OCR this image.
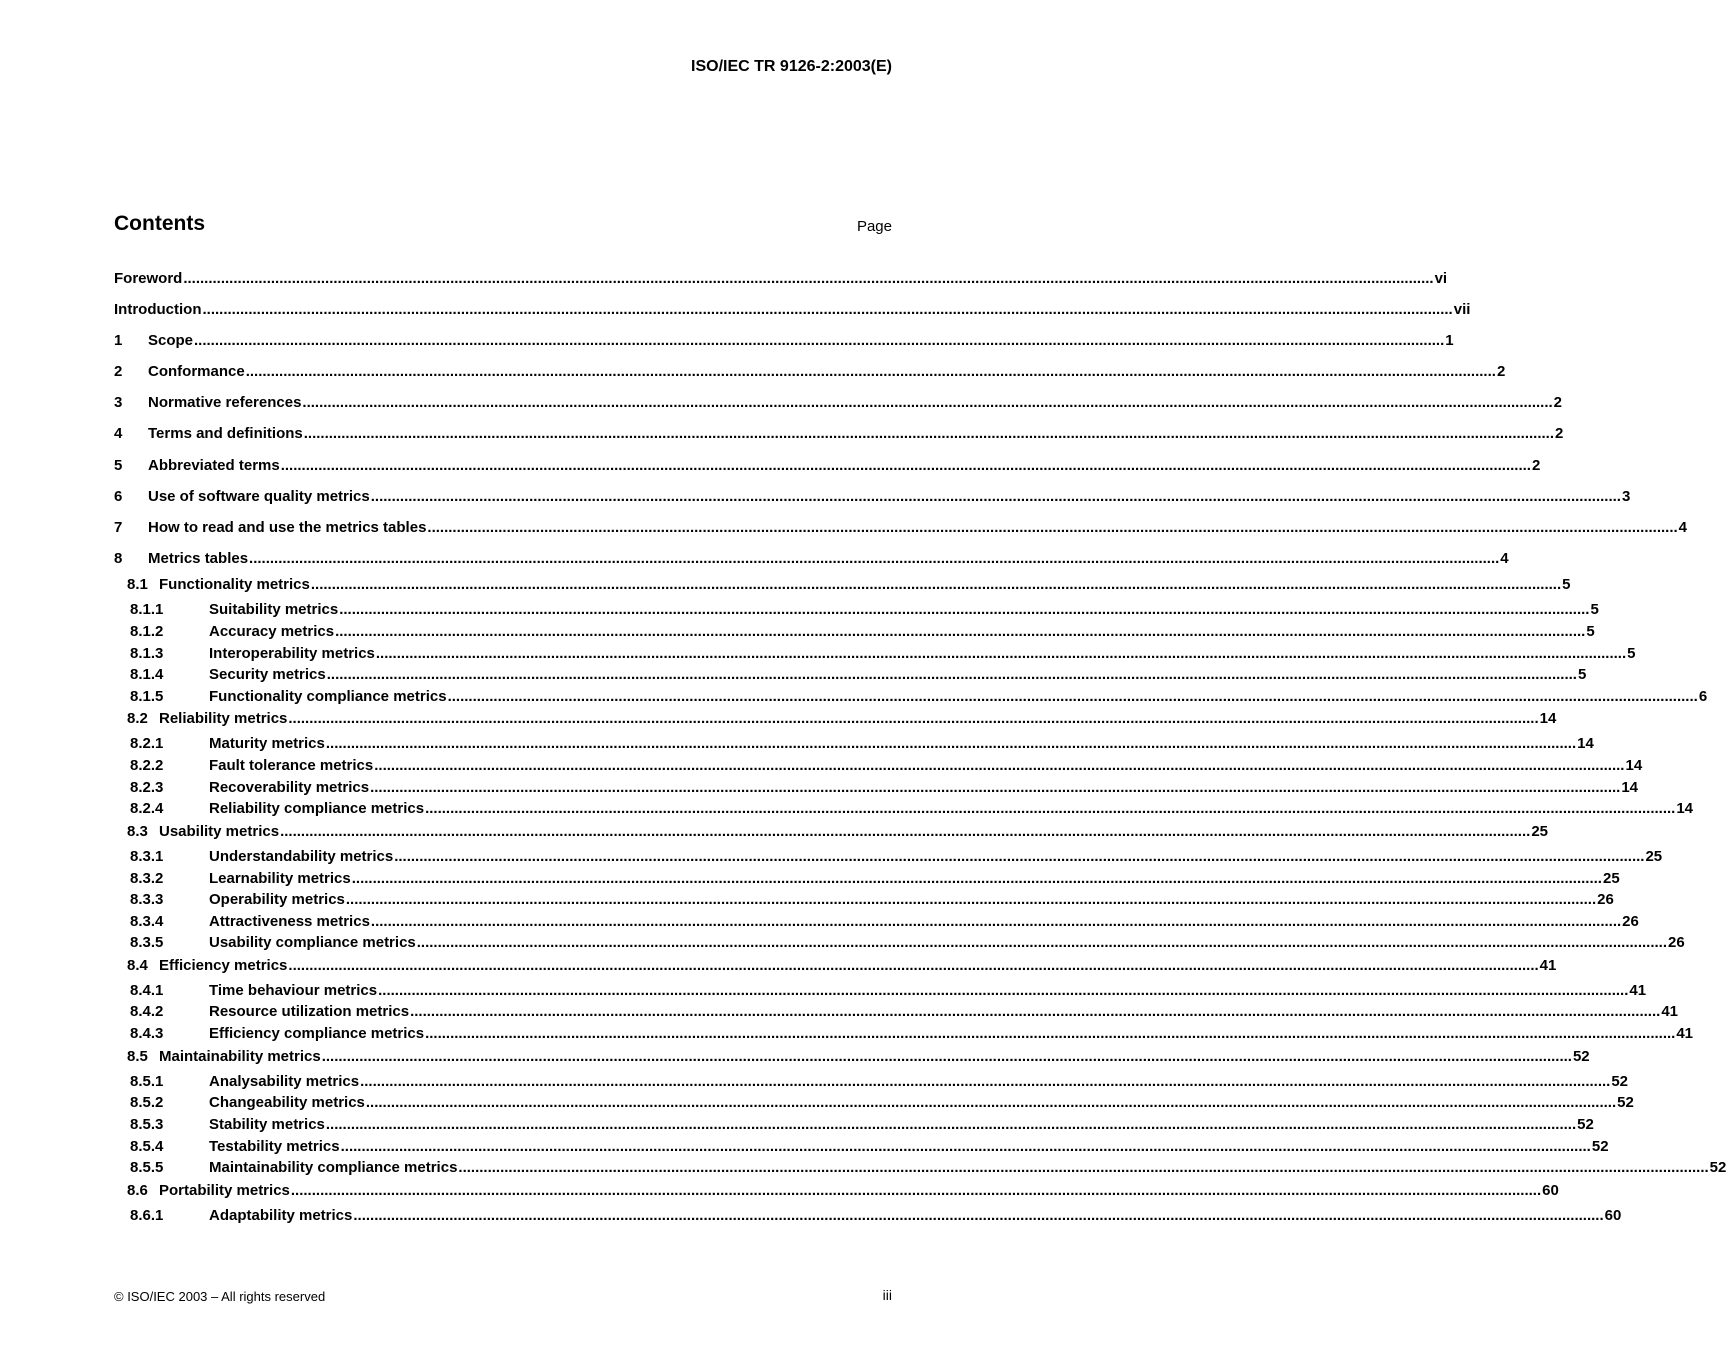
ISO/IEC TR 9126-2:2003(E)
Contents	Page
Foreword ............................................................................................................................................................................................................................................................................................................ vi
Introduction ............................................................................................................................................................................................................................................................................................................ vii
1	Scope ............................................................................................................................................................................................................................................................................................................ 1
2	Conformance ............................................................................................................................................................................................................................................................................................................ 2
3	Normative references ............................................................................................................................................................................................................................................................................................................ 2
4	Terms and definitions ............................................................................................................................................................................................................................................................................................................ 2
5	Abbreviated terms ............................................................................................................................................................................................................................................................................................................ 2
6	Use of software quality metrics ............................................................................................................................................................................................................................................................................................................ 3
7	How to read and use the metrics tables ............................................................................................................................................................................................................................................................................................................ 4
8	Metrics tables ............................................................................................................................................................................................................................................................................................................ 4
8.1 Functionality metrics ............................................................................................................................................................................................................................................................................................................ 5
8.1.1	Suitability metrics ............................................................................................................................................................................................................................................................................................................ 5
8.1.2	Accuracy metrics ............................................................................................................................................................................................................................................................................................................ 5
8.1.3	Interoperability metrics ............................................................................................................................................................................................................................................................................................................ 5
8.1.4	Security metrics ............................................................................................................................................................................................................................................................................................................ 5
8.1.5	Functionality compliance metrics ............................................................................................................................................................................................................................................................................................................ 6
8.2 Reliability metrics ............................................................................................................................................................................................................................................................................................................ 14
8.2.1	Maturity metrics ............................................................................................................................................................................................................................................................................................................ 14
8.2.2	Fault tolerance metrics ............................................................................................................................................................................................................................................................................................................ 14
8.2.3	Recoverability metrics ............................................................................................................................................................................................................................................................................................................ 14
8.2.4	Reliability compliance metrics ............................................................................................................................................................................................................................................................................................................ 14
8.3 Usability metrics ............................................................................................................................................................................................................................................................................................................ 25
8.3.1	Understandability metrics ............................................................................................................................................................................................................................................................................................................ 25
8.3.2	Learnability metrics ............................................................................................................................................................................................................................................................................................................ 25
8.3.3	Operability metrics ............................................................................................................................................................................................................................................................................................................ 26
8.3.4	Attractiveness metrics ............................................................................................................................................................................................................................................................................................................ 26
8.3.5	Usability compliance metrics ............................................................................................................................................................................................................................................................................................................ 26
8.4 Efficiency metrics ............................................................................................................................................................................................................................................................................................................ 41
8.4.1	Time behaviour metrics ............................................................................................................................................................................................................................................................................................................ 41
8.4.2	Resource utilization metrics ............................................................................................................................................................................................................................................................................................................ 41
8.4.3	Efficiency compliance metrics ............................................................................................................................................................................................................................................................................................................ 41
8.5 Maintainability metrics ............................................................................................................................................................................................................................................................................................................ 52
8.5.1	Analysability metrics ............................................................................................................................................................................................................................................................................................................ 52
8.5.2	Changeability metrics ............................................................................................................................................................................................................................................................................................................ 52
8.5.3	Stability metrics ............................................................................................................................................................................................................................................................................................................ 52
8.5.4	Testability metrics ............................................................................................................................................................................................................................................................................................................ 52
8.5.5	Maintainability compliance metrics ............................................................................................................................................................................................................................................................................................................ 52
8.6 Portability metrics ............................................................................................................................................................................................................................................................................................................ 60
8.6.1	Adaptability metrics ............................................................................................................................................................................................................................................................................................................ 60
© ISO/IEC 2003 – All rights reserved	iii
